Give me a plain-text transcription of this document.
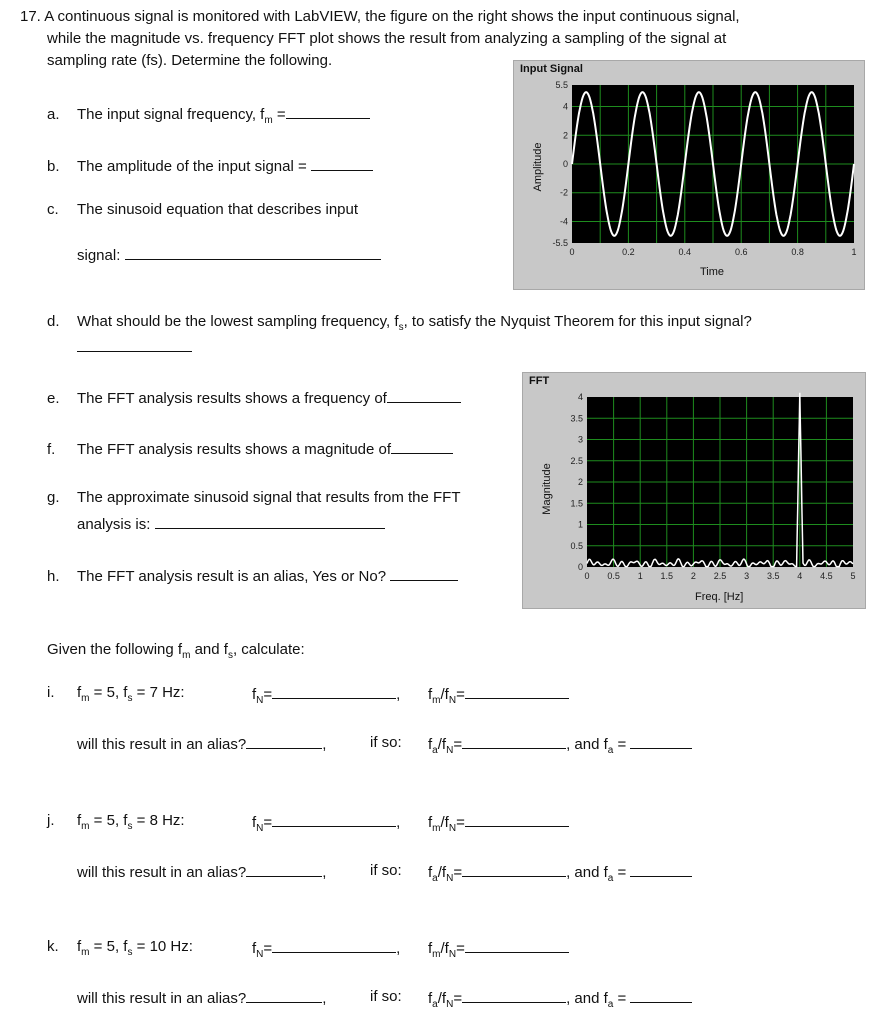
17. A continuous signal is monitored with LabVIEW, the figure on the right shows the input continuous signal,
while the magnitude vs. frequency FFT plot shows the result from analyzing a sampling of the signal at
sampling rate (fs). Determine the following.
a. The input signal frequency, $f_m$ =
b. The amplitude of the input signal =
c. The sinusoid equation that describes input
signal:
d. What should be the lowest sampling frequency, $f_s$, to satisfy the Nyquist Theorem for this input signal?
e. The FFT analysis results shows a frequency of
f. The FFT analysis results shows a magnitude of
g. The approximate sinusoid signal that results from the FFT
analysis is:
h. The FFT analysis result is an alias, Yes or No?
Given the following $f_m$ and $f_s$, calculate:
i. $f_m = 5$, $f_s = 7$ Hz:	$f_N=$	, $f_m/f_N=$
will this result in an alias?	,	if so: $f_a/f_N=$	, and $f_a$ =
j. $f_m = 5$, $f_s = 8$ Hz:	$f_N=$	, $f_m/f_N=$
will this result in an alias?	,	if so: $f_a/f_N=$	, and $f_a$ =
k. $f_m = 5$, $f_s = 10$ Hz:	$f_N=$	, $f_m/f_N=$
will this result in an alias?	,	if so: $f_a/f_N=$	, and $f_a$ =
Input Signal
Amplitude
5.5
4
2
0
-2
-4
-5.5
0	0.2	0.4	0.6	0.8	1
Time
FFT
Magnitude
4
3.5
3
2.5
2
1.5
1
0.5
0
0 0.5 1 1.5 2 2.5 3 3.5 4 4.5 5
Freq. [Hz]
